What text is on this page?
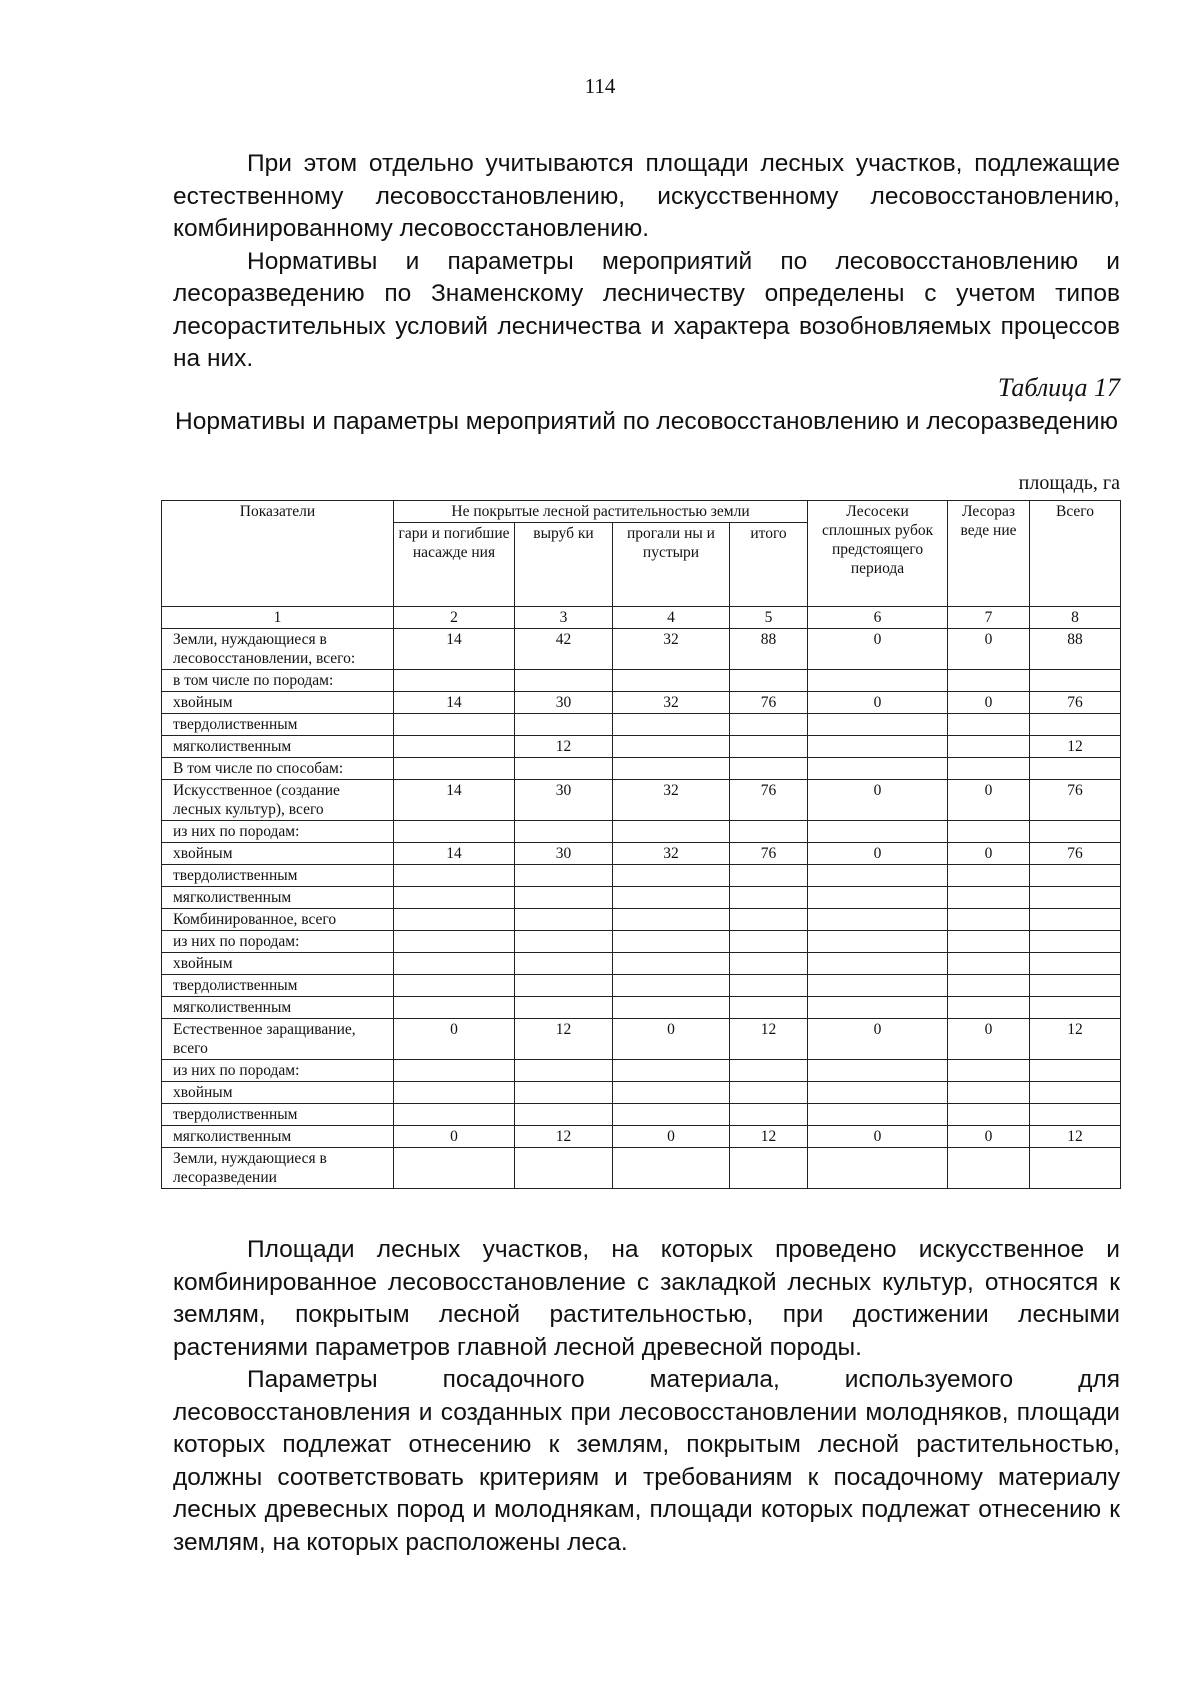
114

При этом отдельно учитываются площади лесных участков, подлежащие естественному лесовосстановлению, искусственному лесовосстановлению, комбинированному лесовосстановлению.

Нормативы и параметры мероприятий по лесовосстановлению и лесоразведению по Знаменскому лесничеству определены с учетом типов лесорастительных условий лесничества и характера возобновляемых процессов на них.

Таблица 17
Нормативы и параметры мероприятий по лесовосстановлению и лесоразведению
площадь, га
Показатели	Не покрытые лесной растительностью земли				Лесосеки сплошных рубок предстоящего периода	Лесораз веде ние	Всего
	гари и погибшие насажде ния	выруб ки	прогали ны и пустыри	итого			
1	2	3	4	5	6	7	8
Земли, нуждающиеся в лесовосстановлении, всего:	14	42	32	88	0	0	88
в том числе по породам:							
хвойным	14	30	32	76	0	0	76
твердолиственным							
мягколиственным		12					12
В том числе по способам:							
Искусственное (создание лесных культур), всего	14	30	32	76	0	0	76
из них по породам:							
хвойным	14	30	32	76	0	0	76
твердолиственным							
мягколиственным							
Комбинированное, всего							
из них по породам:							
хвойным							
твердолиственным							
мягколиственным							
Естественное заращивание, всего	0	12	0	12	0	0	12
из них по породам:							
хвойным							
твердолиственным							
мягколиственным	0	12	0	12	0	0	12
Земли, нуждающиеся в лесоразведении							

Площади лесных участков, на которых проведено искусственное и комбинированное лесовосстановление с закладкой лесных культур, относятся к землям, покрытым лесной растительностью, при достижении лесными растениями параметров главной лесной древесной породы.

Параметры посадочного материала, используемого для лесовосстановления и созданных при лесовосстановлении молодняков, площади которых подлежат отнесению к землям, покрытым лесной растительностью, должны соответствовать критериям и требованиям к посадочному материалу лесных древесных пород и молоднякам, площади которых подлежат отнесению к землям, на которых расположены леса.
